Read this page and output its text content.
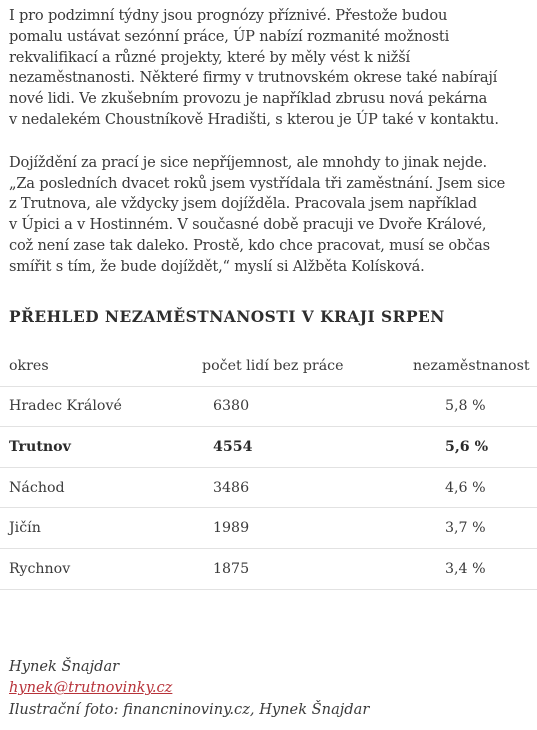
I pro podzimní týdny jsou prognózy příznivé. Přestože budou
pomalu ustávat sezónní práce, ÚP nabízí rozmanité možnosti
rekvalifikací a různé projekty, které by měly vést k nižší
nezaměstnanosti. Některé firmy v trutnovském okrese také nabírají
nové lidi. Ve zkušebním provozu je například zbrusu nová pekárna
v nedalekém Choustníkově Hradišti, s kterou je ÚP také v kontaktu.

Dojíždění za prací je sice nepříjemnost, ale mnohdy to jinak nejde.
„Za posledních dvacet roků jsem vystřídala tři zaměstnání. Jsem sice
z Trutnova, ale vždycky jsem dojížděla. Pracovala jsem například
v Úpici a v Hostinném. V současné době pracuji ve Dvoře Králové,
což není zase tak daleko. Prostě, kdo chce pracovat, musí se občas
smířit s tím, že bude dojíždět,“ myslí si Alžběta Kolísková.

PŘEHLED NEZAMĚSTNANOSTI V KRAJI SRPEN
okres	počet lidí bez práce	nezaměstnanost
Hradec Králové	6380	5,8 %
Trutnov	4554	5,6 %
Náchod	3486	4,6 %
Jičín	1989	3,7 %
Rychnov	1875	3,4 %
Hynek Šnajdar
hynek@trutnovinky.cz
Ilustrační foto: financninoviny.cz, Hynek Šnajdar
